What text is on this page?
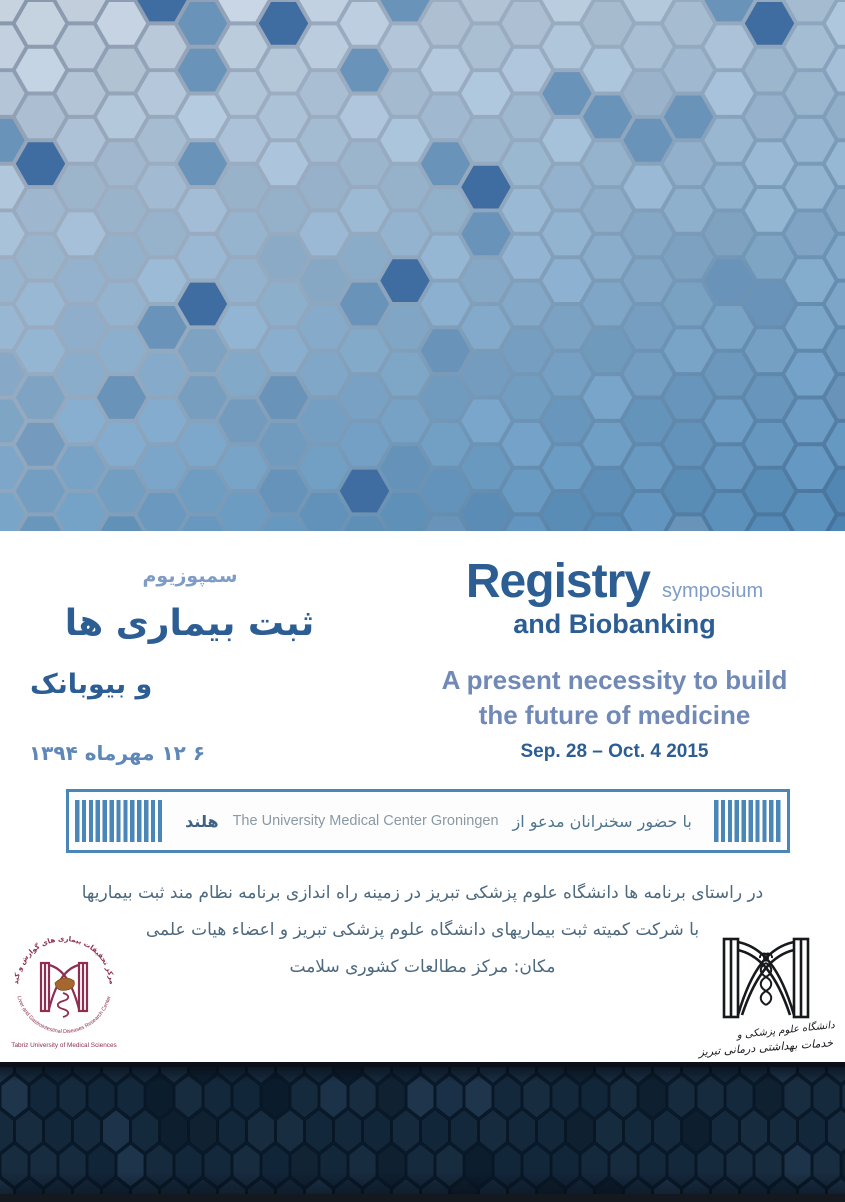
سمپوزیوم
ثبت بیماری ها
و بیوبانک
۶ ۱۲ مهرماه ۱۳۹۴
Registry symposium
and Biobanking
A present necessity to build
the future of medicine
Sep. 28 – Oct. 4 2015
با حضور سخنرانان مدعو از
The University Medical Center Groningen
هلند
در راستای برنامه ها دانشگاه علوم پزشکی تبریز در زمینه راه اندازی برنامه نظام مند ثبت بیماریها
با شرکت کمیته ثبت بیماریهای دانشگاه علوم پزشکی تبریز و اعضاء هیات علمی
مکان: مرکز مطالعات کشوری سلامت
مرکز تحقیقات بیماری های گوارش و کبد
Liver and Gastrointestinal Diseases Research Center
Tabriz University of Medical Sciences
دانشگاه علوم پزشکی و
خدمات بهداشتی درمانی تبریز
